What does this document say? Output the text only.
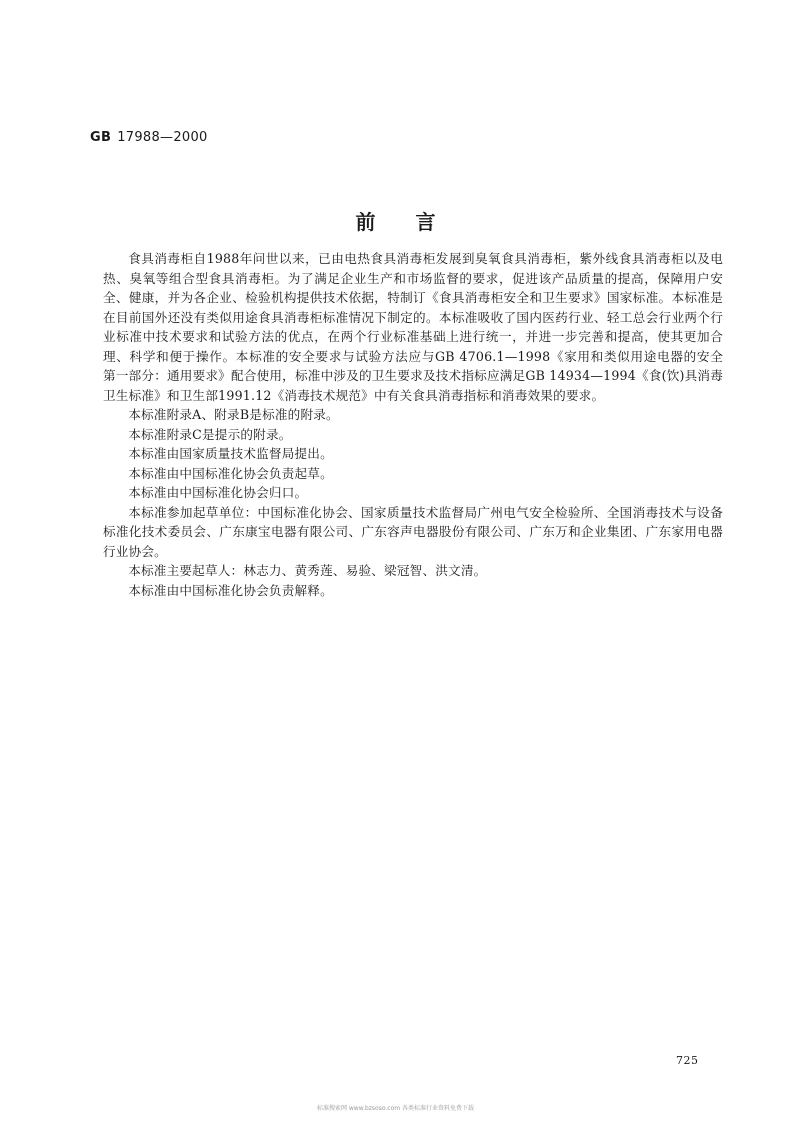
GB 17988—2000
前言

食具消毒柜自1988年问世以来，已由电热食具消毒柜发展到臭氧食具消毒柜，紫外线食具消毒柜以及电热、臭氧等组合型食具消毒柜。为了满足企业生产和市场监督的要求，促进该产品质量的提高，保障用户安全、健康，并为各企业、检验机构提供技术依据，特制订《食具消毒柜安全和卫生要求》国家标准。本标准是在目前国外还没有类似用途食具消毒柜标准情况下制定的。本标准吸收了国内医药行业、轻工总会行业两个行业标准中技术要求和试验方法的优点，在两个行业标准基础上进行统一，并进一步完善和提高，使其更加合理、科学和便于操作。本标准的安全要求与试验方法应与GB 4706.1—1998《家用和类似用途电器的安全　第一部分：通用要求》配合使用，标准中涉及的卫生要求及技术指标应满足GB 14934—1994《食(饮)具消毒卫生标准》和卫生部1991.12《消毒技术规范》中有关食具消毒指标和消毒效果的要求。

本标准附录A、附录B是标准的附录。

本标准附录C是提示的附录。

本标准由国家质量技术监督局提出。

本标准由中国标准化协会负责起草。

本标准由中国标准化协会归口。

本标准参加起草单位：中国标准化协会、国家质量技术监督局广州电气安全检验所、全国消毒技术与设备标准化技术委员会、广东康宝电器有限公司、广东容声电器股份有限公司、广东万和企业集团、广东家用电器行业协会。

本标准主要起草人：林志力、黄秀莲、易验、梁冠智、洪文清。

本标准由中国标准化协会负责解释。

725
标准搜索网 www.bzsoso.com 各类标准行业资料免费下载
